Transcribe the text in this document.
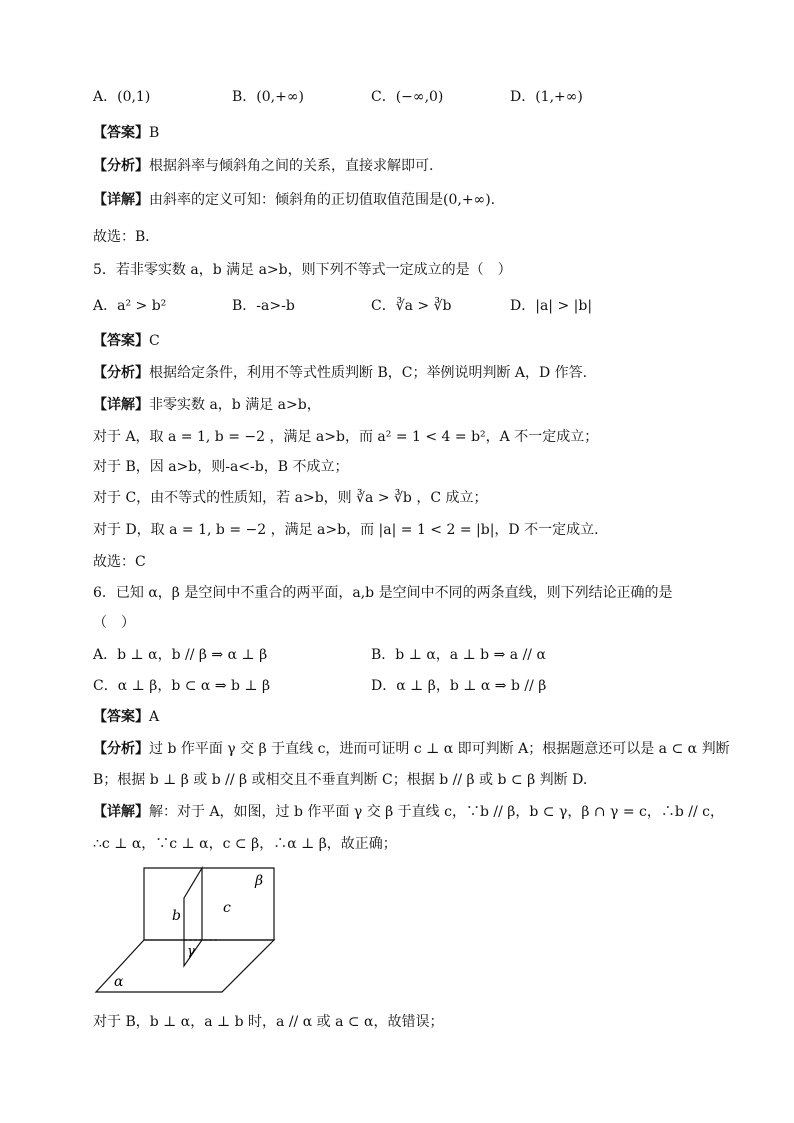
A．(0,1)	B．(0,+∞)	C．(−∞,0)	D．(1,+∞)
【答案】B
【分析】根据斜率与倾斜角之间的关系，直接求解即可.
【详解】由斜率的定义可知：倾斜角的正切值取值范围是(0,+∞).
故选：B．
5．若非零实数 a，b 满足 a>b，则下列不等式一定成立的是（　）
A．a² > b²	B．-a>-b	C．∛a > ∛b	D．|a| > |b|
【答案】C
【分析】根据给定条件，利用不等式性质判断 B，C；举例说明判断 A，D 作答.
【详解】非零实数 a，b 满足 a>b，
对于 A，取 a = 1, b = −2 ，满足 a>b，而 a² = 1 < 4 = b²，A 不一定成立；
对于 B，因 a>b，则-a<-b，B 不成立；
对于 C，由不等式的性质知，若 a>b，则 ∛a > ∛b ，C 成立；
对于 D，取 a = 1, b = −2 ，满足 a>b，而 |a| = 1 < 2 = |b|，D 不一定成立.
故选：C
6．已知 α，β 是空间中不重合的两平面，a,b 是空间中不同的两条直线，则下列结论正确的是
（　）
A．b ⊥ α，b // β ⇒ α ⊥ β	B．b ⊥ α，a ⊥ b ⇒ a // α
C．α ⊥ β，b ⊂ α ⇒ b ⊥ β	D．α ⊥ β，b ⊥ α ⇒ b // β
【答案】A
【分析】过 b 作平面 γ 交 β 于直线 c，进而可证明 c ⊥ α 即可判断 A；根据题意还可以是 a ⊂ α 判断
B；根据 b ⊥ β 或 b // β 或相交且不垂直判断 C；根据 b // β 或 b ⊂ β 判断 D.
【详解】解：对于 A，如图，过 b 作平面 γ 交 β 于直线 c，∵b // β，b ⊂ γ，β ∩ γ = c，∴b // c，
∴c ⊥ α，∵c ⊥ α，c ⊂ β，∴α ⊥ β，故正确；
b	c
β
γ
α
对于 B，b ⊥ α，a ⊥ b 时，a // α 或 a ⊂ α，故错误；
